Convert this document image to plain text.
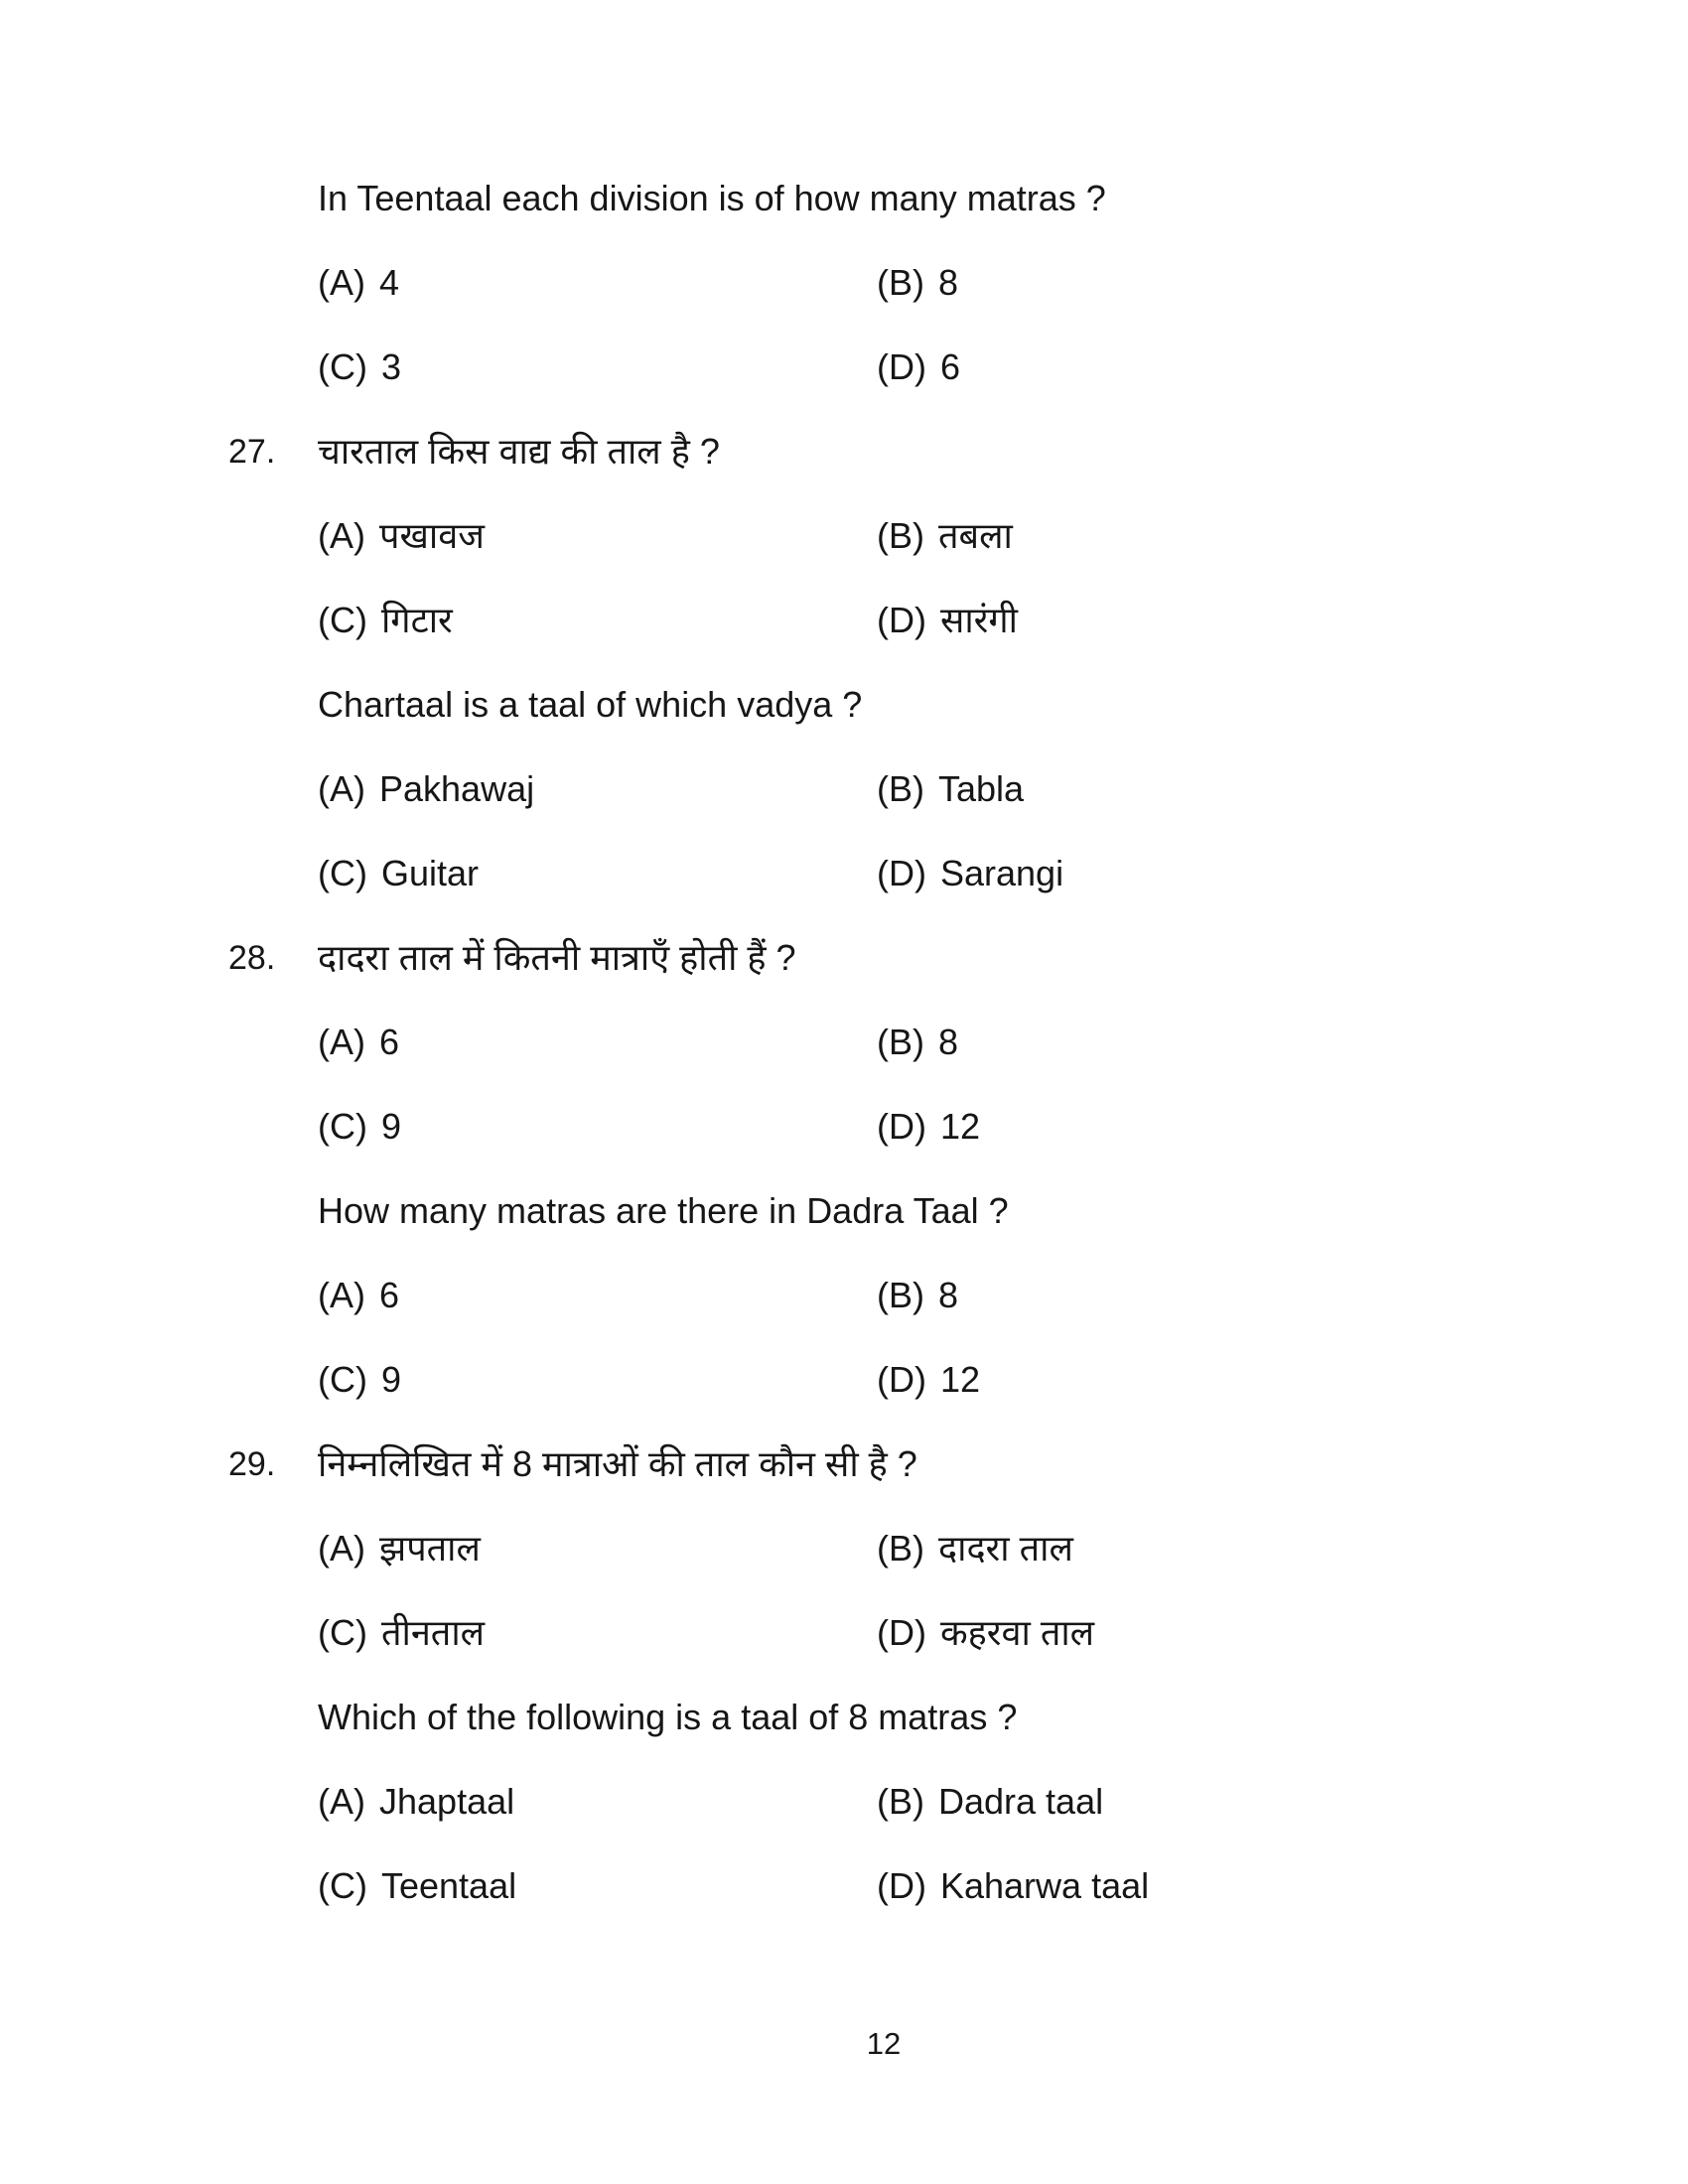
In Teentaal each division is of how many matras ?
(A) 4	(B) 8
(C) 3	(D) 6
27.	चारताल किस वाद्य की ताल है ?
(A) पखावज	(B) तबला
(C) गिटार	(D) सारंगी
Chartaal is a taal of which vadya ?
(A) Pakhawaj	(B) Tabla
(C) Guitar	(D) Sarangi
28.	दादरा ताल में कितनी मात्राएँ होती हैं ?
(A) 6	(B) 8
(C) 9	(D) 12
How many matras are there in Dadra Taal ?
(A) 6	(B) 8
(C) 9	(D) 12
29.	निम्नलिखित में 8 मात्राओं की ताल कौन सी है ?
(A) झपताल	(B) दादरा ताल
(C) तीनताल	(D) कहरवा ताल
Which of the following is a taal of 8 matras ?
(A) Jhaptaal	(B) Dadra taal
(C) Teentaal	(D) Kaharwa taal
12
